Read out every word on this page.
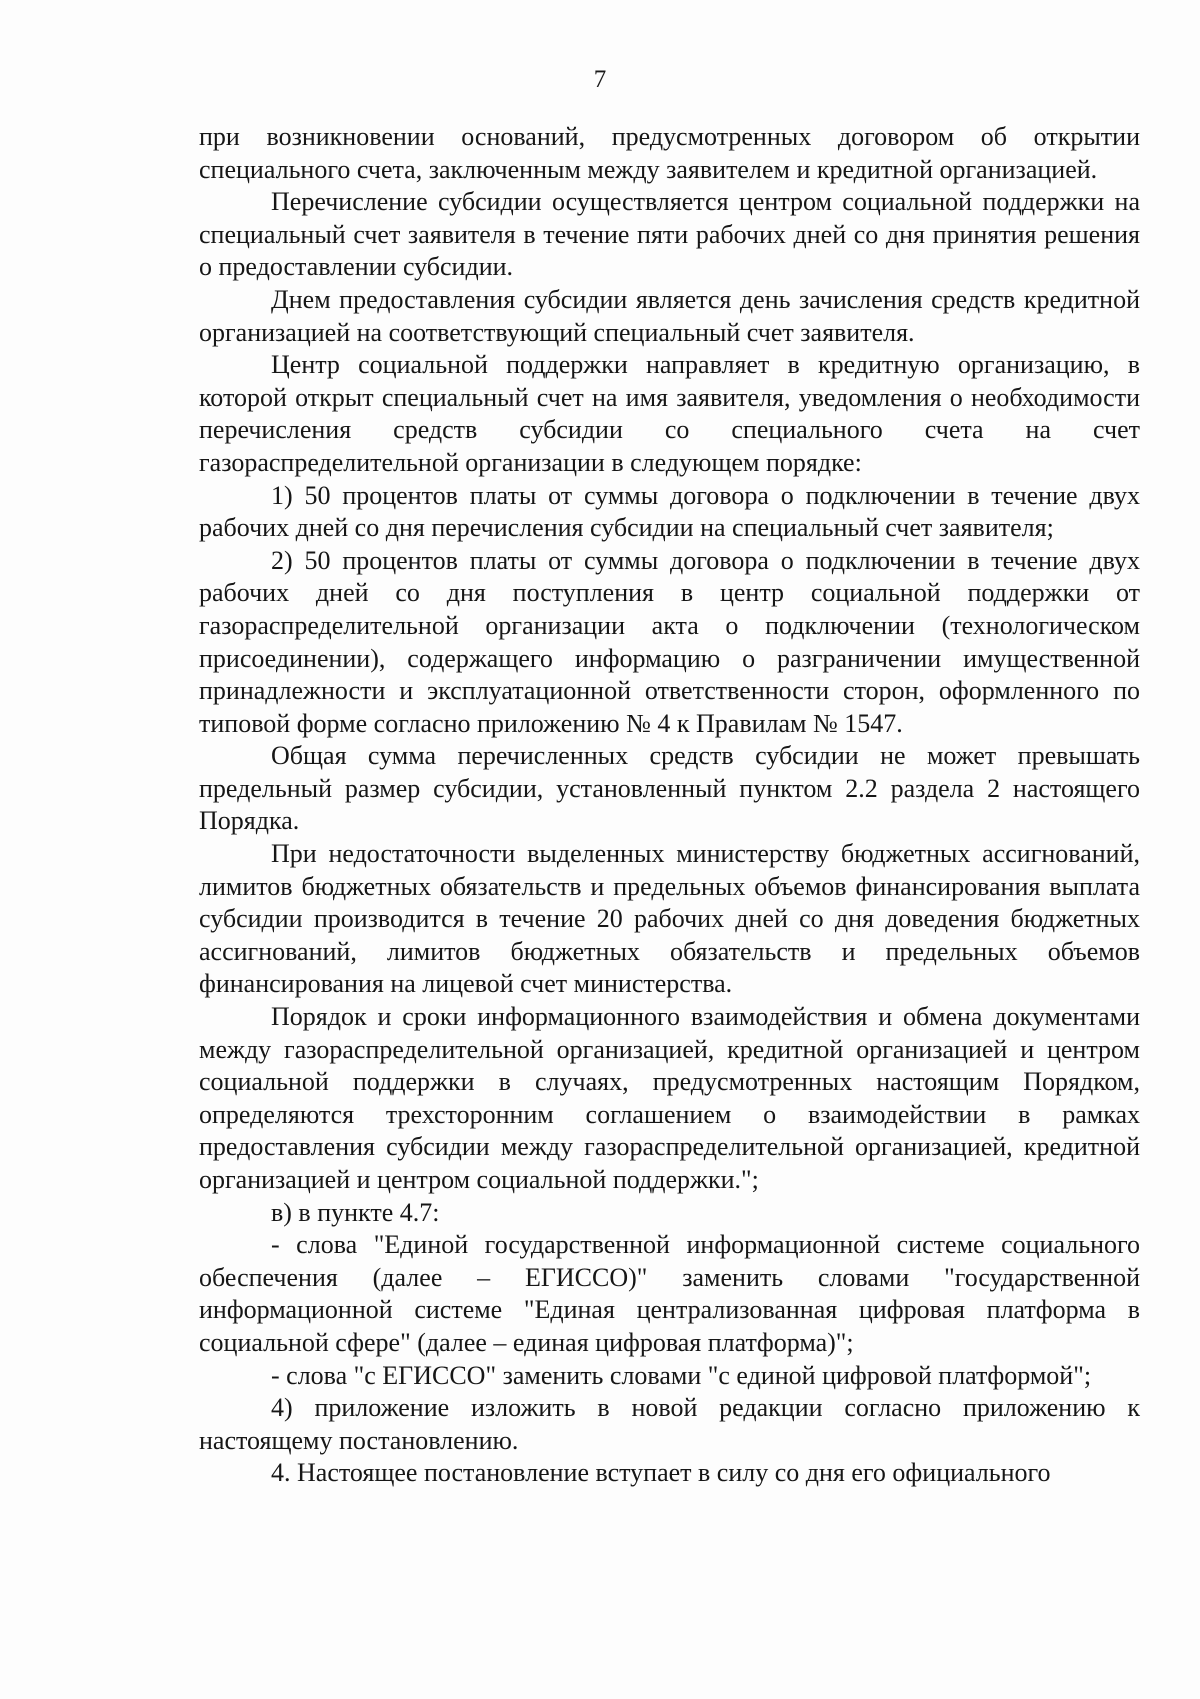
7

при возникновении оснований, предусмотренных договором об открытии специального счета, заключенным между заявителем и кредитной организацией.

Перечисление субсидии осуществляется центром социальной поддержки на специальный счет заявителя в течение пяти рабочих дней со дня принятия решения о предоставлении субсидии.

Днем предоставления субсидии является день зачисления средств кредитной организацией на соответствующий специальный счет заявителя.

Центр социальной поддержки направляет в кредитную организацию, в которой открыт специальный счет на имя заявителя, уведомления о необходимости перечисления средств субсидии со специального счета на счет газораспределительной организации в следующем порядке:

1) 50 процентов платы от суммы договора о подключении в течение двух рабочих дней со дня перечисления субсидии на специальный счет заявителя;

2) 50 процентов платы от суммы договора о подключении в течение двух рабочих дней со дня поступления в центр социальной поддержки от газораспределительной организации акта о подключении (технологическом присоединении), содержащего информацию о разграничении имущественной принадлежности и эксплуатационной ответственности сторон, оформленного по типовой форме согласно приложению № 4 к Правилам № 1547.

Общая сумма перечисленных средств субсидии не может превышать предельный размер субсидии, установленный пунктом 2.2 раздела 2 настоящего Порядка.

При недостаточности выделенных министерству бюджетных ассигнований, лимитов бюджетных обязательств и предельных объемов финансирования выплата субсидии производится в течение 20 рабочих дней со дня доведения бюджетных ассигнований, лимитов бюджетных обязательств и предельных объемов финансирования на лицевой счет министерства.

Порядок и сроки информационного взаимодействия и обмена документами между газораспределительной организацией, кредитной организацией и центром социальной поддержки в случаях, предусмотренных настоящим Порядком, определяются трехсторонним соглашением о взаимодействии в рамках предоставления субсидии между газораспределительной организацией, кредитной организацией и центром социальной поддержки.";

в) в пункте 4.7:

- слова "Единой государственной информационной системе социального обеспечения (далее – ЕГИССО)" заменить словами "государственной информационной системе "Единая централизованная цифровая платформа в социальной сфере" (далее – единая цифровая платформа)";

- слова "с ЕГИССО" заменить словами "с единой цифровой платформой";

4) приложение изложить в новой редакции согласно приложению к настоящему постановлению.

4. Настоящее постановление вступает в силу со дня его официального
